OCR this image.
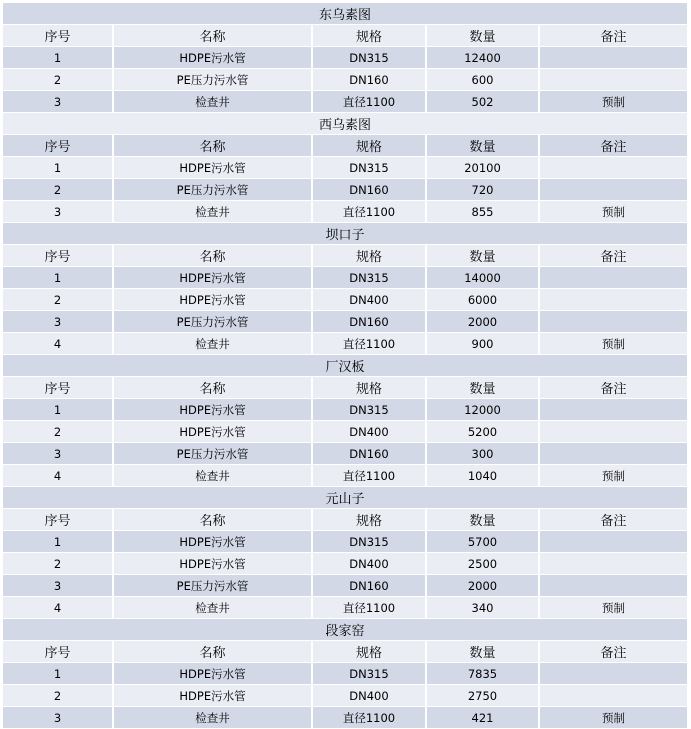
东乌素图
序号	名称	规格	数量	备注
1	HDPE污水管	DN315	12400
2	PE压力污水管	DN160	600
3	检查井	直径1100	502	预制
西乌素图
序号	名称	规格	数量	备注
1	HDPE污水管	DN315	20100
2	PE压力污水管	DN160	720
3	检查井	直径1100	855	预制
坝口子
序号	名称	规格	数量	备注
1	HDPE污水管	DN315	14000
2	HDPE污水管	DN400	6000
3	PE压力污水管	DN160	2000
4	检查井	直径1100	900	预制
厂汉板
序号	名称	规格	数量	备注
1	HDPE污水管	DN315	12000
2	HDPE污水管	DN400	5200
3	PE压力污水管	DN160	300
4	检查井	直径1100	1040	预制
元山子
序号	名称	规格	数量	备注
1	HDPE污水管	DN315	5700
2	HDPE污水管	DN400	2500
3	PE压力污水管	DN160	2000
4	检查井	直径1100	340	预制
段家窑
序号	名称	规格	数量	备注
1	HDPE污水管	DN315	7835
2	HDPE污水管	DN400	2750
3	检查井	直径1100	421	预制
